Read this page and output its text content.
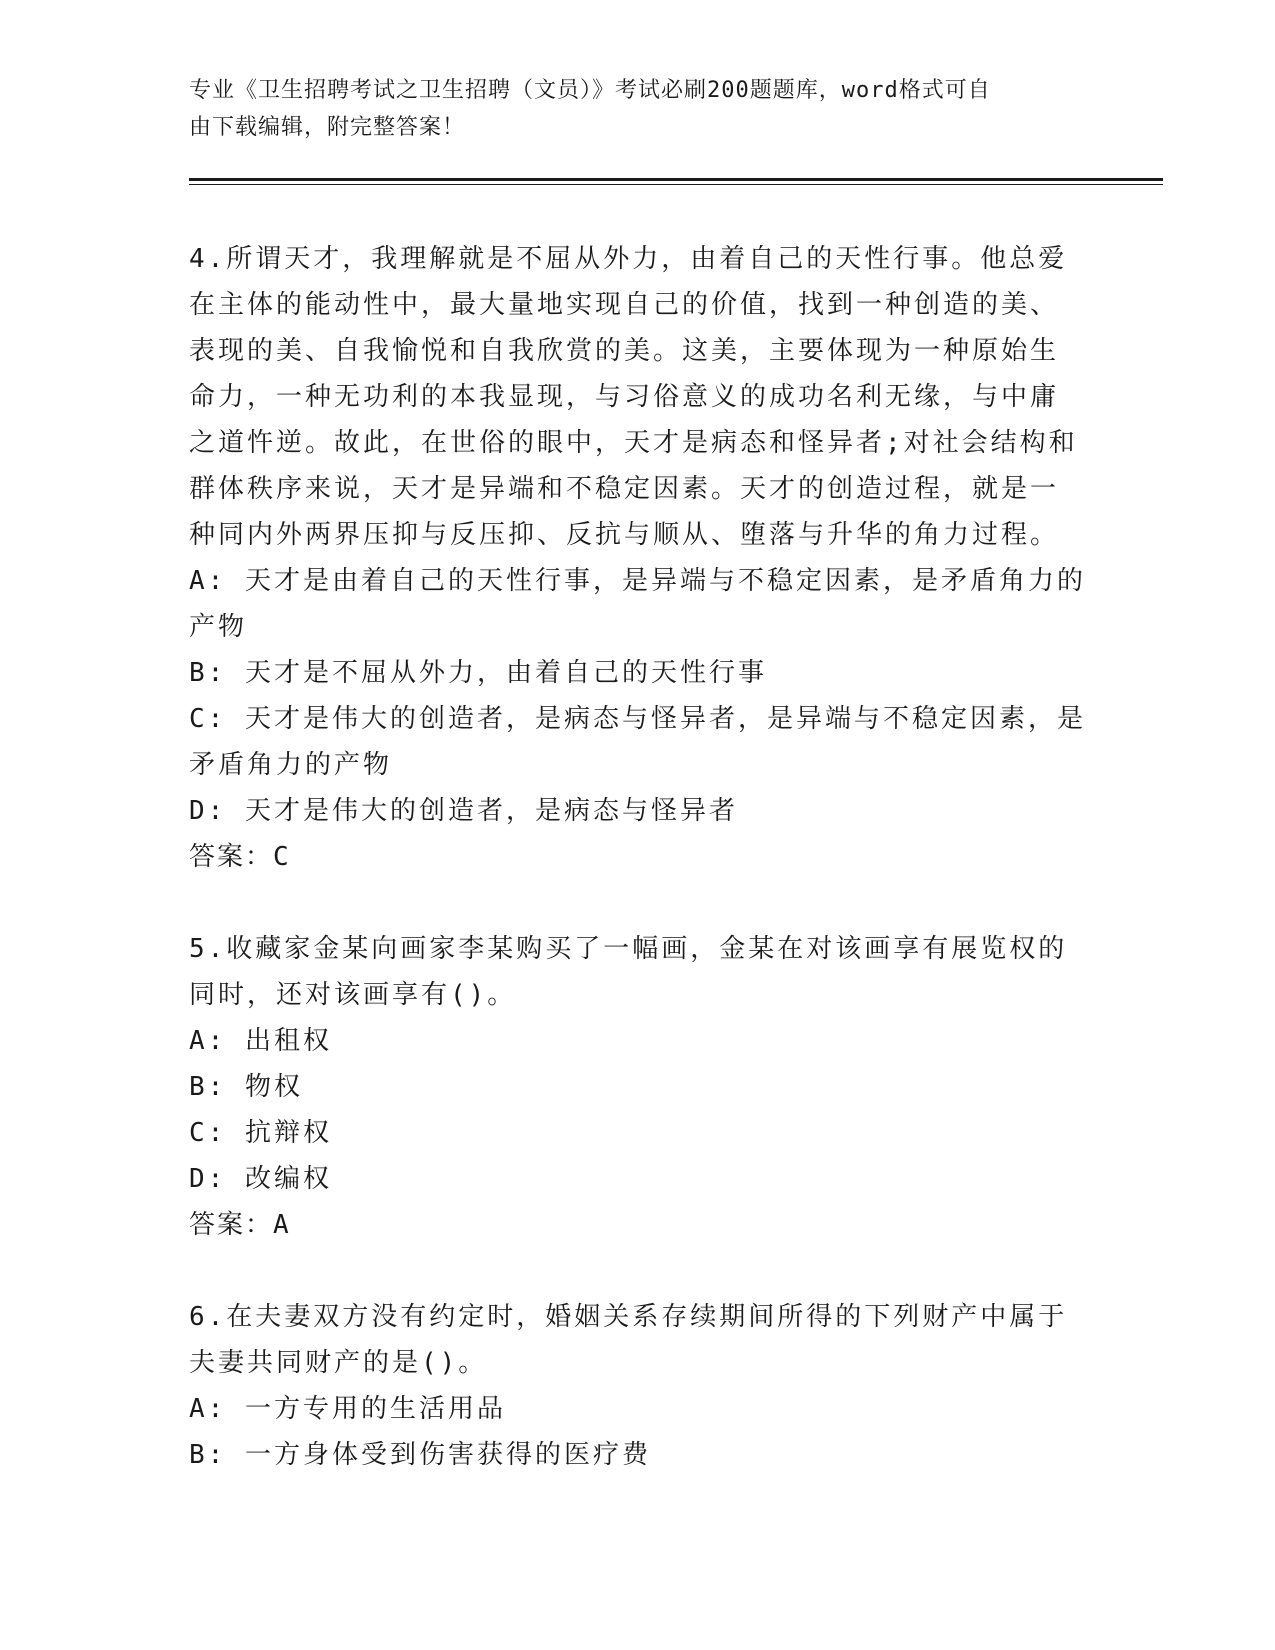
专业《卫生招聘考试之卫生招聘（文员）》考试必刷200题题库，word格式可自
由下载编辑，附完整答案！
4.所谓天才，我理解就是不屈从外力，由着自己的天性行事。他总爱
在主体的能动性中，最大量地实现自己的价值，找到一种创造的美、
表现的美、自我愉悦和自我欣赏的美。这美，主要体现为一种原始生
命力，一种无功利的本我显现，与习俗意义的成功名利无缘，与中庸
之道忤逆。故此，在世俗的眼中，天才是病态和怪异者;对社会结构和
群体秩序来说，天才是异端和不稳定因素。天才的创造过程，就是一
种同内外两界压抑与反压抑、反抗与顺从、堕落与升华的角力过程。
A: 天才是由着自己的天性行事，是异端与不稳定因素，是矛盾角力的
产物
B: 天才是不屈从外力，由着自己的天性行事
C: 天才是伟大的创造者，是病态与怪异者，是异端与不稳定因素，是
矛盾角力的产物
D: 天才是伟大的创造者，是病态与怪异者
答案：C
5.收藏家金某向画家李某购买了一幅画，金某在对该画享有展览权的
同时，还对该画享有()。
A: 出租权
B: 物权
C: 抗辩权
D: 改编权
答案：A
6.在夫妻双方没有约定时，婚姻关系存续期间所得的下列财产中属于
夫妻共同财产的是()。
A: 一方专用的生活用品
B: 一方身体受到伤害获得的医疗费
